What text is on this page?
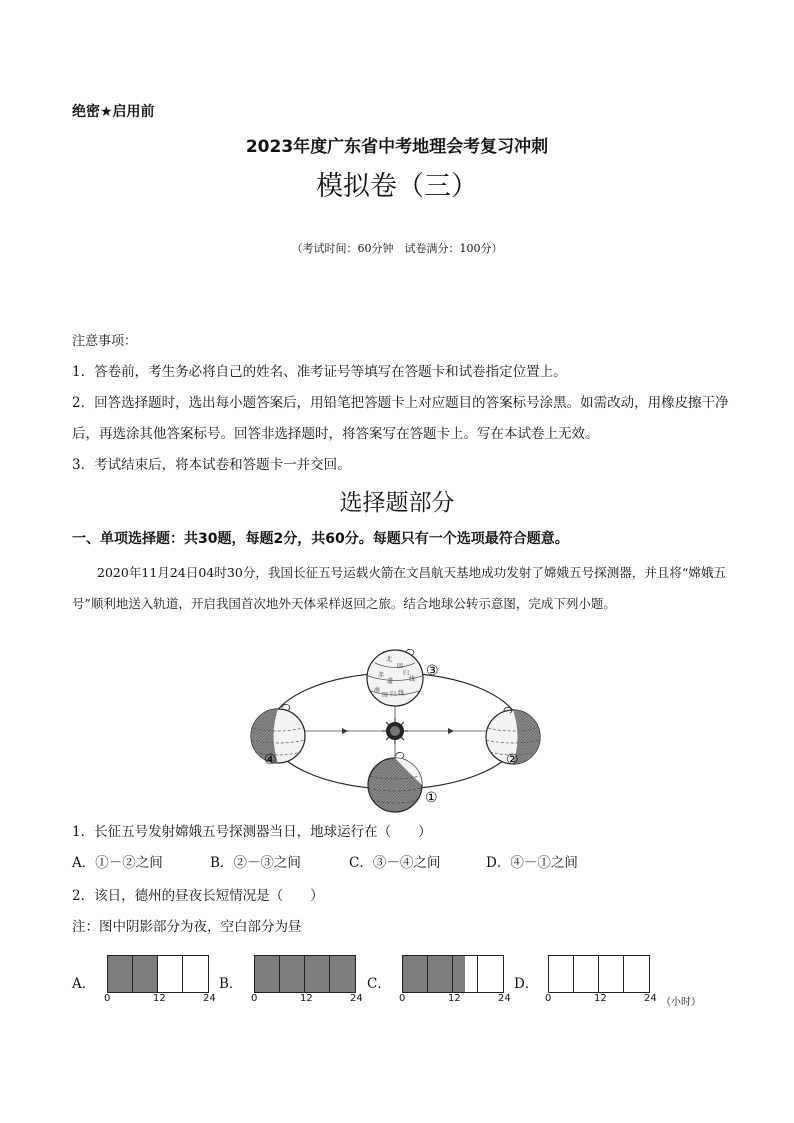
绝密★启用前
2023年度广东省中考地理会考复习冲刺
模拟卷（三）
（考试时间：60分钟　试卷满分：100分）
注意事项：
1．答卷前，考生务必将自己的姓名、准考证号等填写在答题卡和试卷指定位置上。
2．回答选择题时，选出每小题答案后，用铅笔把答题卡上对应题目的答案标号涂黑。如需改动，用橡皮擦干净后，再选涂其他答案标号。回答非选择题时，将答案写在答题卡上。写在本试卷上无效。
3．考试结束后，将本试卷和答题卡一并交回。
选择题部分
一、单项选择题：共30题，每题2分，共60分。每题只有一个选项最符合题意。
2020年11月24日04时30分，我国长征五号运载火箭在文昌航天基地成功发射了嫦娥五号探测器，并且将“嫦娥五号”顺利地送入轨道，开启我国首次地外天体采样返回之旅。结合地球公转示意图，完成下列小题。
北
回
归
线
赤
道
南
回 归 线
③
②
④
①
1．长征五号发射嫦娥五号探测器当日，地球运行在（　　）
A．①－②之间	B．②－③之间	C．③－④之间	D．④－①之间
2．该日，德州的昼夜长短情况是（　　）
注：图中阴影部分为夜，空白部分为昼
A．
0	12	24
B．
0	12	24
C．
0	12	24
D．
0	12	24 （小时）
